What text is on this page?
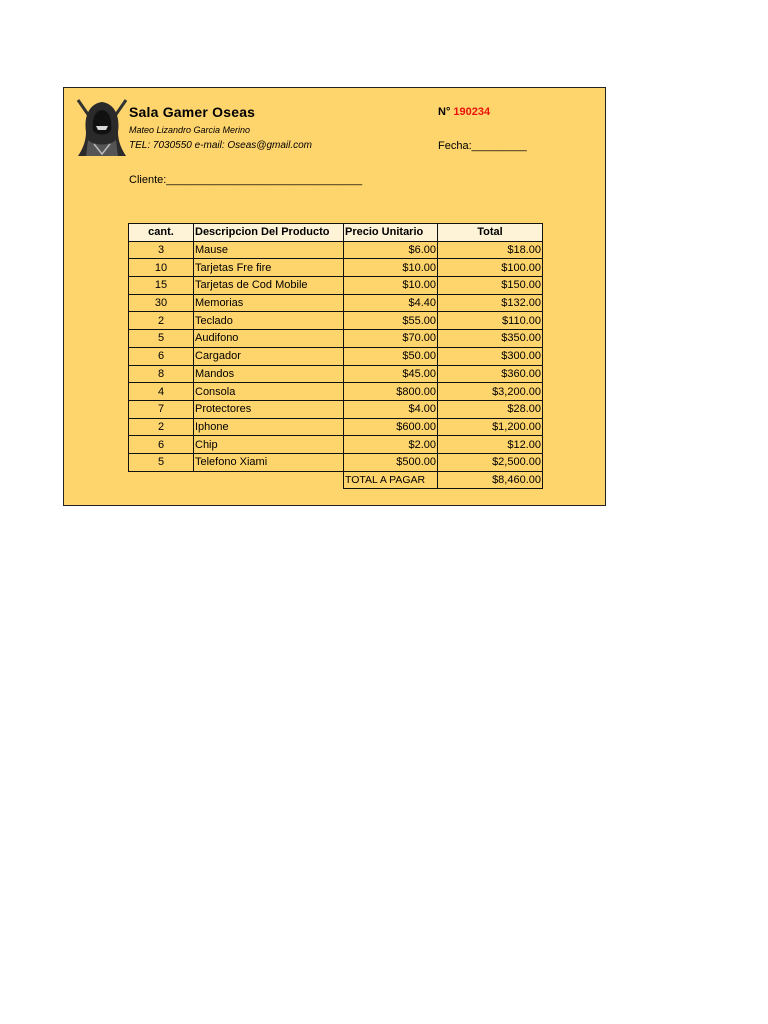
Sala Gamer Oseas
Mateo Lizandro Garcia Merino
TEL: 7030550 e-mail: Oseas@gmail.com
N° 190234
Fecha:_________
Cliente:________________________________
cant.	Descripcion Del Producto	Precio Unitario	Total
3	Mause	$6.00	$18.00
10	Tarjetas Fre fire	$10.00	$100.00
15	Tarjetas de Cod Mobile	$10.00	$150.00
30	Memorias	$4.40	$132.00
2	Teclado	$55.00	$110.00
5	Audifono	$70.00	$350.00
6	Cargador	$50.00	$300.00
8	Mandos	$45.00	$360.00
4	Consola	$800.00	$3,200.00
7	Protectores	$4.00	$28.00
2	Iphone	$600.00	$1,200.00
6	Chip	$2.00	$12.00
5	Telefono Xiami	$500.00	$2,500.00
		TOTAL A PAGAR	$8,460.00
